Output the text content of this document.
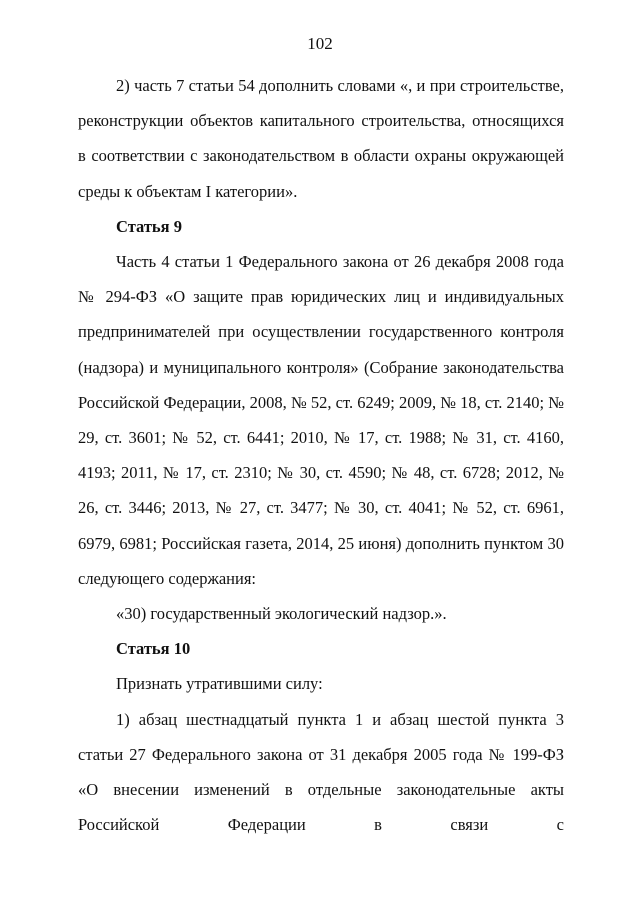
102

2) часть 7 статьи 54 дополнить словами «, и при строительстве, реконструкции объектов капитального строительства, относящихся в соответствии с законодательством в области охраны окружающей среды к объектам I категории».

Статья 9

Часть 4 статьи 1 Федерального закона от 26 декабря 2008 года № 294-ФЗ «О защите прав юридических лиц и индивидуальных предпринимателей при осуществлении государственного контроля (надзора) и муниципального контроля» (Собрание законодательства Российской Федерации, 2008, № 52, ст. 6249; 2009, № 18, ст. 2140; № 29, ст. 3601; № 52, ст. 6441; 2010, № 17, ст. 1988; № 31, ст. 4160, 4193; 2011, № 17, ст. 2310; № 30, ст. 4590; № 48, ст. 6728; 2012, № 26, ст. 3446; 2013, № 27, ст. 3477; № 30, ст. 4041; № 52, ст. 6961, 6979, 6981; Российская газета, 2014, 25 июня) дополнить пунктом 30 следующего содержания:

«30) государственный экологический надзор.».

Статья 10

Признать утратившими силу:

1) абзац шестнадцатый пункта 1 и абзац шестой пункта 3 статьи 27 Федерального закона от 31 декабря 2005 года № 199-ФЗ «О внесении изменений в отдельные законодательные акты Российской Федерации в связи с
